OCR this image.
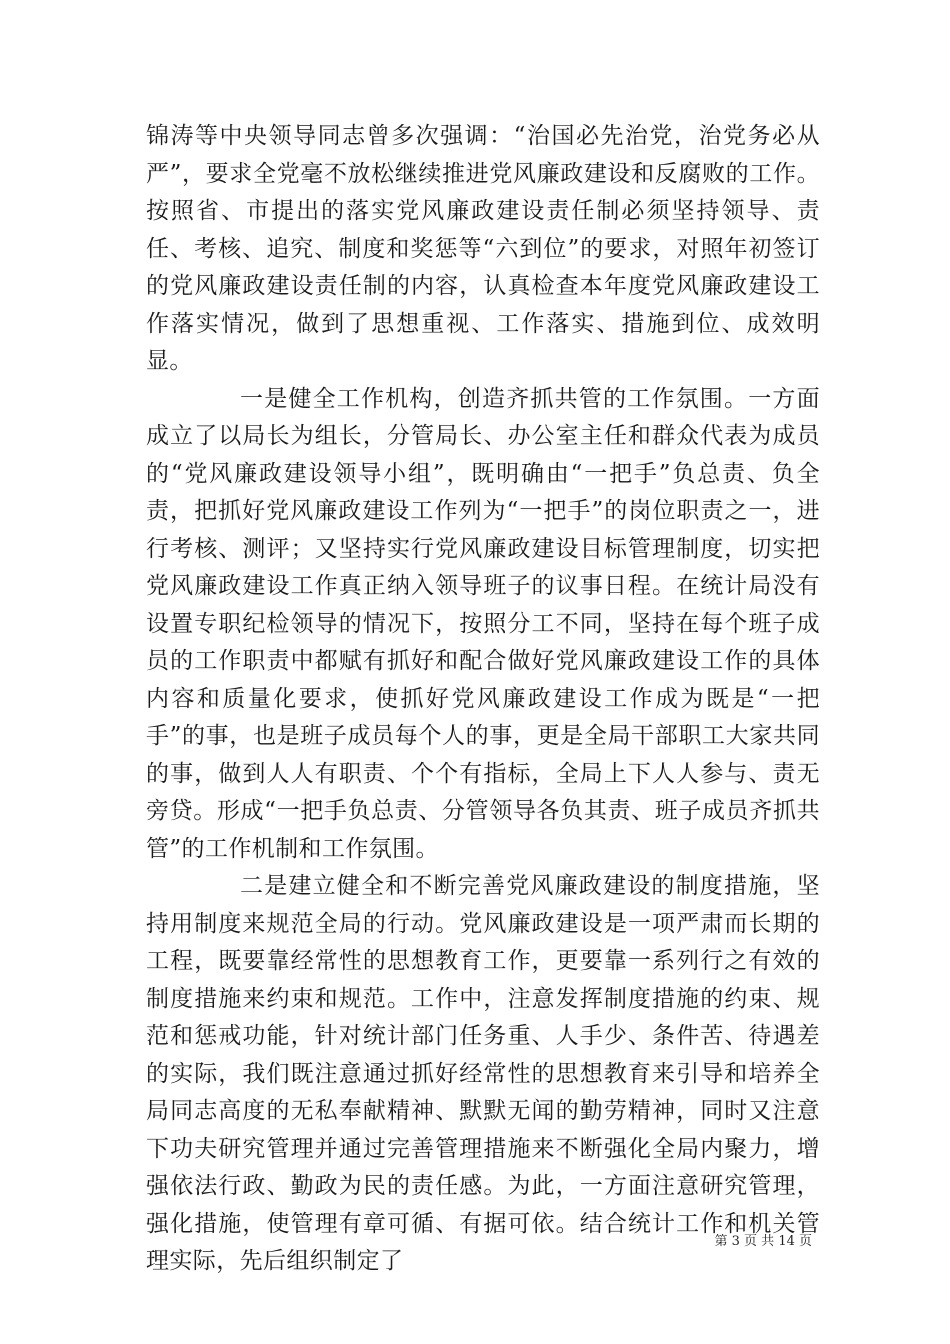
锦涛等中央领导同志曾多次强调：“治国必先治党，治党务必从严”，要求全党毫不放松继续推进党风廉政建设和反腐败的工作。按照省、市提出的落实党风廉政建设责任制必须坚持领导、责任、考核、追究、制度和奖惩等“六到位”的要求，对照年初签订的党风廉政建设责任制的内容，认真检查本年度党风廉政建设工作落实情况，做到了思想重视、工作落实、措施到位、成效明显。

一是健全工作机构，创造齐抓共管的工作氛围。一方面成立了以局长为组长，分管局长、办公室主任和群众代表为成员的“党风廉政建设领导小组”，既明确由“一把手”负总责、负全责，把抓好党风廉政建设工作列为“一把手”的岗位职责之一，进行考核、测评；又坚持实行党风廉政建设目标管理制度，切实把党风廉政建设工作真正纳入领导班子的议事日程。在统计局没有设置专职纪检领导的情况下，按照分工不同，坚持在每个班子成员的工作职责中都赋有抓好和配合做好党风廉政建设工作的具体内容和质量化要求，使抓好党风廉政建设工作成为既是“一把手”的事，也是班子成员每个人的事，更是全局干部职工大家共同的事，做到人人有职责、个个有指标，全局上下人人参与、责无旁贷。形成“一把手负总责、分管领导各负其责、班子成员齐抓共管”的工作机制和工作氛围。

二是建立健全和不断完善党风廉政建设的制度措施，坚持用制度来规范全局的行动。党风廉政建设是一项严肃而长期的工程，既要靠经常性的思想教育工作，更要靠一系列行之有效的制度措施来约束和规范。工作中，注意发挥制度措施的约束、规范和惩戒功能，针对统计部门任务重、人手少、条件苦、待遇差的实际，我们既注意通过抓好经常性的思想教育来引导和培养全局同志高度的无私奉献精神、默默无闻的勤劳精神，同时又注意下功夫研究管理并通过完善管理措施来不断强化全局内聚力，增强依法行政、勤政为民的责任感。为此，一方面注意研究管理，强化措施，使管理有章可循、有据可依。结合统计工作和机关管理实际，先后组织制定了

第 3 页 共 14 页
